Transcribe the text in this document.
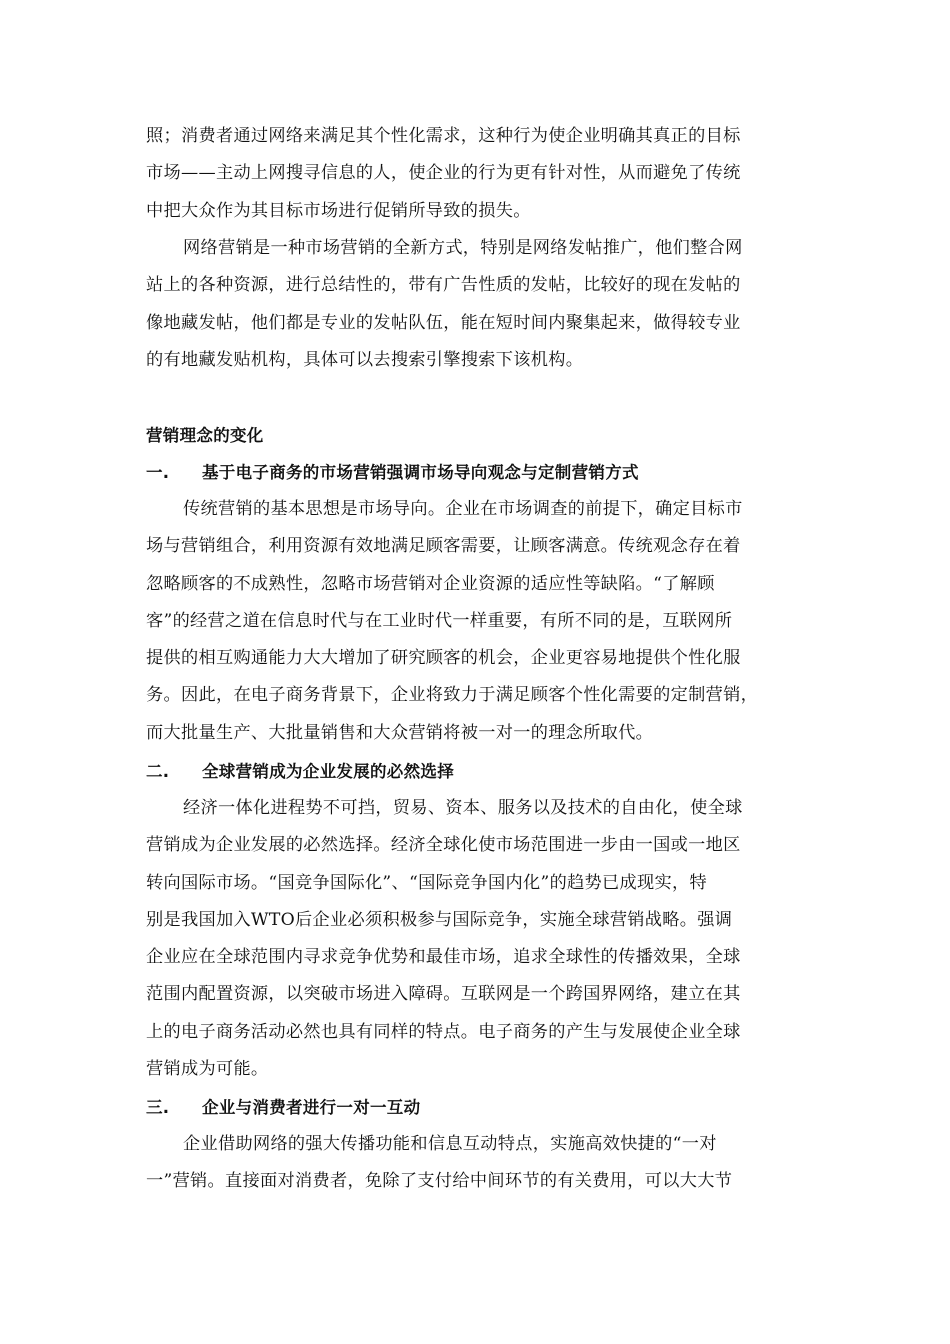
照；消费者通过网络来满足其个性化需求，这种行为使企业明确其真正的目标
市场——主动上网搜寻信息的人，使企业的行为更有针对性，从而避免了传统
中把大众作为其目标市场进行促销所导致的损失。
网络营销是一种市场营销的全新方式，特别是网络发帖推广，他们整合网
站上的各种资源，进行总结性的，带有广告性质的发帖，比较好的现在发帖的
像地藏发帖，他们都是专业的发帖队伍，能在短时间内聚集起来，做得较专业
的有地藏发贴机构，具体可以去搜索引擎搜索下该机构。
营销理念的变化
一. 基于电子商务的市场营销强调市场导向观念与定制营销方式
传统营销的基本思想是市场导向。企业在市场调查的前提下，确定目标市
场与营销组合，利用资源有效地满足顾客需要，让顾客满意。传统观念存在着
忽略顾客的不成熟性，忽略市场营销对企业资源的适应性等缺陷。“了解顾
客”的经营之道在信息时代与在工业时代一样重要，有所不同的是，互联网所
提供的相互购通能力大大增加了研究顾客的机会，企业更容易地提供个性化服
务。因此，在电子商务背景下，企业将致力于满足顾客个性化需要的定制营销，
而大批量生产、大批量销售和大众营销将被一对一的理念所取代。
二. 全球营销成为企业发展的必然选择
经济一体化进程势不可挡，贸易、资本、服务以及技术的自由化，使全球
营销成为企业发展的必然选择。经济全球化使市场范围进一步由一国或一地区
转向国际市场。“国竞争国际化”、“国际竞争国内化”的趋势已成现实，特
别是我国加入WTO后企业必须积极参与国际竞争，实施全球营销战略。强调
企业应在全球范围内寻求竞争优势和最佳市场，追求全球性的传播效果，全球
范围内配置资源，以突破市场进入障碍。互联网是一个跨国界网络，建立在其
上的电子商务活动必然也具有同样的特点。电子商务的产生与发展使企业全球
营销成为可能。
三. 企业与消费者进行一对一互动
企业借助网络的强大传播功能和信息互动特点，实施高效快捷的“一对
一”营销。直接面对消费者，免除了支付给中间环节的有关费用，可以大大节
